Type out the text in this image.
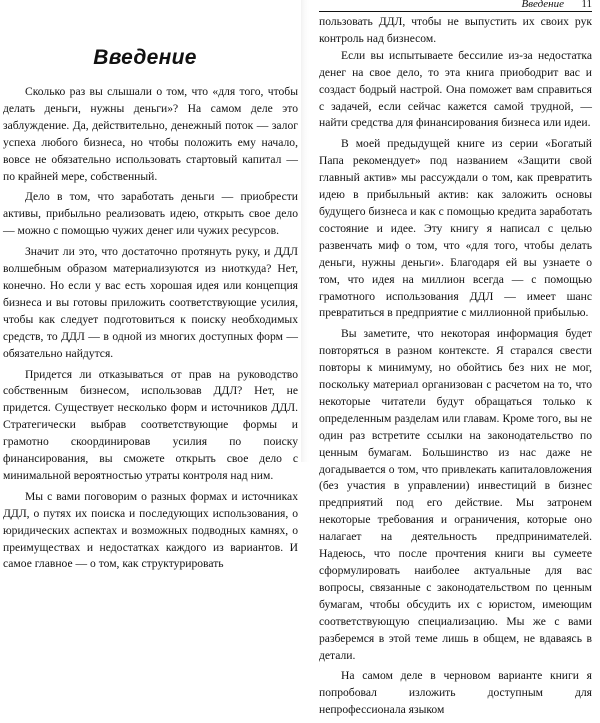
Введение

Сколько раз вы слышали о том, что «для того, чтобы делать деньги, нужны деньги»? На самом деле это заблуждение. Да, действительно, денежный поток — залог успеха любого бизнеса, но чтобы положить ему начало, вовсе не обязательно использовать стартовый капитал — по крайней мере, собственный.

Дело в том, что заработать деньги — приобрести активы, прибыльно реализовать идею, открыть свое дело — можно с помощью чужих денег или чужих ресурсов.

Значит ли это, что достаточно протянуть руку, и ДДЛ волшебным образом материализуются из ниоткуда? Нет, конечно. Но если у вас есть хорошая идея или концепция бизнеса и вы готовы приложить соответствующие усилия, чтобы как следует подготовиться к поиску необходимых средств, то ДДЛ — в одной из многих доступных форм — обязательно найдутся.

Придется ли отказываться от прав на руководство собственным бизнесом, использовав ДДЛ? Нет, не придется. Существует несколько форм и источников ДДЛ. Стратегически выбрав соответствующие формы и грамотно скоординировав усилия по поиску финансирования, вы сможете открыть свое дело с минимальной вероятностью утраты контроля над ним.

Мы с вами поговорим о разных формах и источниках ДДЛ, о путях их поиска и последующих использования, о юридических аспектах и возможных подводных камнях, о преимуществах и недостатках каждого из вариантов. И самое главное — о том, как структурировать

Введение 11

пользовать ДДЛ, чтобы не выпустить их своих рук контроль над бизнесом.

Если вы испытываете бессилие из-за недостатка денег на свое дело, то эта книга приободрит вас и создаст бодрый настрой. Она поможет вам справиться с задачей, если сейчас кажется самой трудной, — найти средства для финансирования бизнеса или идеи.

В моей предыдущей книге из серии «Богатый Папа рекомендует» под названием «Защити свой главный актив» мы рассуждали о том, как превратить идею в прибыльный актив: как заложить основы будущего бизнеса и как с помощью кредита заработать состояние и идее. Эту книгу я написал с целью развенчать миф о том, что «для того, чтобы делать деньги, нужны деньги». Благодаря ей вы узнаете о том, что идея на миллион всегда — с помощью грамотного использования ДДЛ — имеет шанс превратиться в предприятие с миллионной прибылью.

Вы заметите, что некоторая информация будет повторяться в разном контексте. Я старался свести повторы к минимуму, но обойтись без них не мог, поскольку материал организован с расчетом на то, что некоторые читатели будут обращаться только к определенным разделам или главам. Кроме того, вы не один раз встретите ссылки на законодательство по ценным бумагам. Большинство из нас даже не догадывается о том, что привлекать капиталовложения (без участия в управлении) инвестиций в бизнес предприятий под его действие. Мы затронем некоторые требования и ограничения, которые оно налагает на деятельность предпринимателей. Надеюсь, что после прочтения книги вы сумеете сформулировать наиболее актуальные для вас вопросы, связанные с законодательством по ценным бумагам, чтобы обсудить их с юристом, имеющим соответствующую специализацию. Мы же с вами разберемся в этой теме лишь в общем, не вдаваясь в детали.

На самом деле в черновом варианте книги я попробовал изложить доступным для непрофессионала языком
